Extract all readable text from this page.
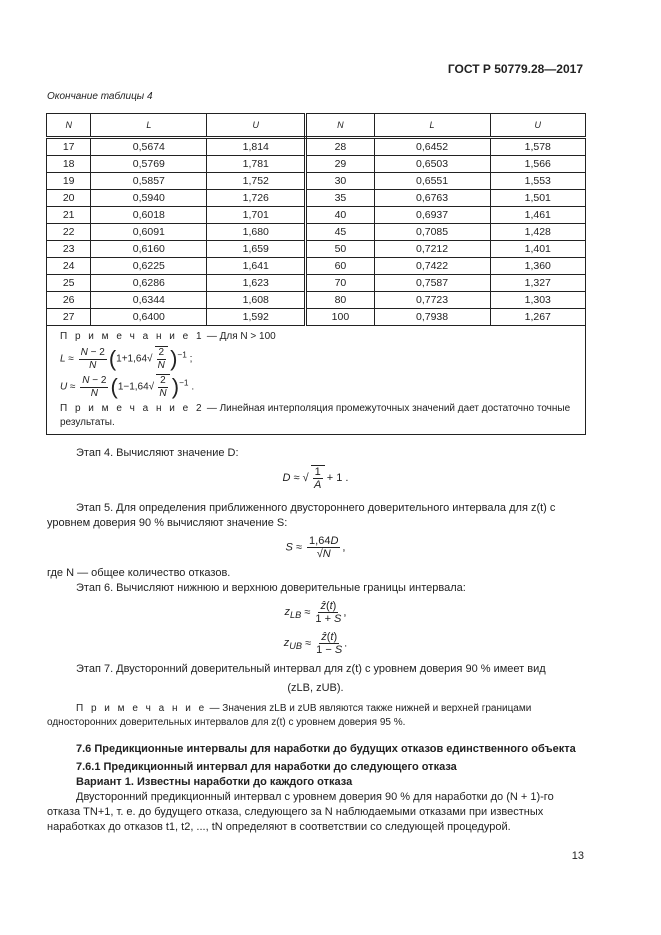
ГОСТ Р 50779.28—2017
Окончание таблицы 4
N	L	U	N	L	U
17	0,5674	1,814	28	0,6452	1,578
18	0,5769	1,781	29	0,6503	1,566
19	0,5857	1,752	30	0,6551	1,553
20	0,5940	1,726	35	0,6763	1,501
21	0,6018	1,701	40	0,6937	1,461
22	0,6091	1,680	45	0,7085	1,428
23	0,6160	1,659	50	0,7212	1,401
24	0,6225	1,641	60	0,7422	1,360
25	0,6286	1,623	70	0,7587	1,327
26	0,6344	1,608	80	0,7723	1,303
27	0,6400	1,592	100	0,7938	1,267
П р и м е ч а н и е 1 — Для N > 100
$L \approx \frac{N - 2}{N} (1+1,64√ \frac{2}{N} )^{-1}$ ;
$U \approx \frac{N - 2}{N} (1-1,64√ \frac{2}{N} )^{-1}$ .
П р и м е ч а н и е 2 — Линейная интерполяция промежуточных значений дает достаточно точные результаты.
Этап 4. Вычисляют значение D:
D ≈ √ $\frac{1}{A} + 1$ .
Этап 5. Для определения приближенного двустороннего доверительного интервала для z(t) с уровнем доверия 90 % вычисляют значение S:
$S \approx \frac{1,64D}{√N}$ ,
где N — общее количество отказов.
Этап 6. Вычисляют нижнюю и верхнюю доверительные границы интервала:
$z_{LB} \approx \frac{\text{ẑ(t)}}{1 + S}$ ,
$z_{UB} \approx \frac{\text{ẑ(t)}}{1 - S}$ .
Этап 7. Двусторонний доверительный интервал для z(t) с уровнем доверия 90 % имеет вид
(zLB, zUB).
П р и м е ч а н и е — Значения zLB и zUB являются также нижней и верхней границами односторонних доверительных интервалов для z(t) с уровнем доверия 95 %.
7.6 Предикционные интервалы для наработки до будущих отказов единственного объекта
7.6.1 Предикционный интервал для наработки до следующего отказа
Вариант 1. Известны наработки до каждого отказа
Двусторонний предикционный интервал с уровнем доверия 90 % для наработки до (N + 1)-го отказа TN+1, т. е. до будущего отказа, следующего за N наблюдаемыми отказами при известных наработках до отказов t1, t2, ..., tN определяют в соответствии со следующей процедурой.
13
